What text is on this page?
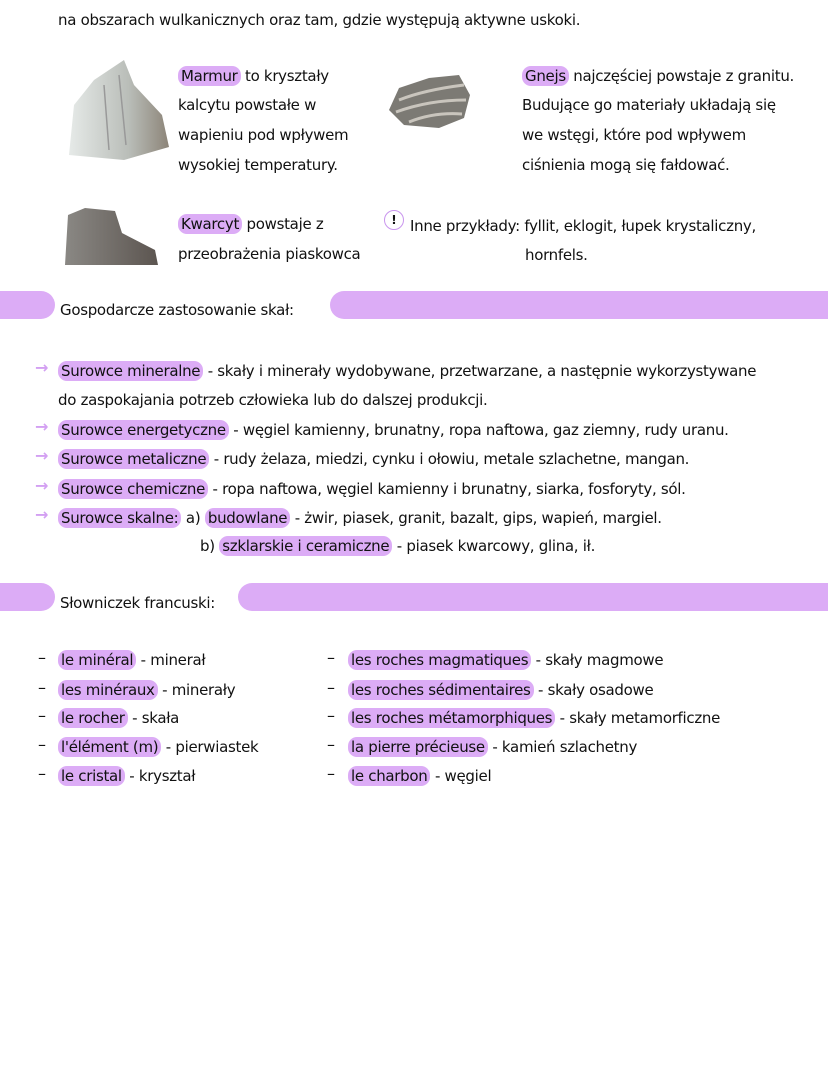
na obszarach wulkanicznych oraz tam, gdzie występują aktywne uskoki.
Marmur to kryształy
kalcytu powstałe w
wapieniu pod wpływem
wysokiej temperatury.
Gnejs najczęściej powstaje z granitu.
Budujące go materiały układają się
we wstęgi, które pod wpływem
ciśnienia mogą się fałdować.
Kwarcyt powstaje z
przeobrażenia piaskowca
! Inne przykłady: fyllit, eklogit, łupek krystaliczny,
hornfels.
Gospodarcze zastosowanie skał:
→ Surowce mineralne - skały i minerały wydobywane, przetwarzane, a następnie wykorzystywane
do zaspokajania potrzeb człowieka lub do dalszej produkcji.
→ Surowce energetyczne - węgiel kamienny, brunatny, ropa naftowa, gaz ziemny, rudy uranu.
→ Surowce metaliczne - rudy żelaza, miedzi, cynku i ołowiu, metale szlachetne, mangan.
→ Surowce chemiczne - ropa naftowa, węgiel kamienny i brunatny, siarka, fosforyty, sól.
→ Surowce skalne: a) budowlane - żwir, piasek, granit, bazalt, gips, wapień, margiel.
b) szklarskie i ceramiczne - piasek kwarcowy, glina, ił.
Słowniczek francuski:
– le minéral - minerał
– les minéraux - minerały
– le rocher - skała
– l'élément (m) - pierwiastek
– le cristal - kryształ
– les roches magmatiques - skały magmowe
– les roches sédimentaires - skały osadowe
– les roches métamorphiques - skały metamorficzne
– la pierre précieuse - kamień szlachetny
– le charbon - węgiel
